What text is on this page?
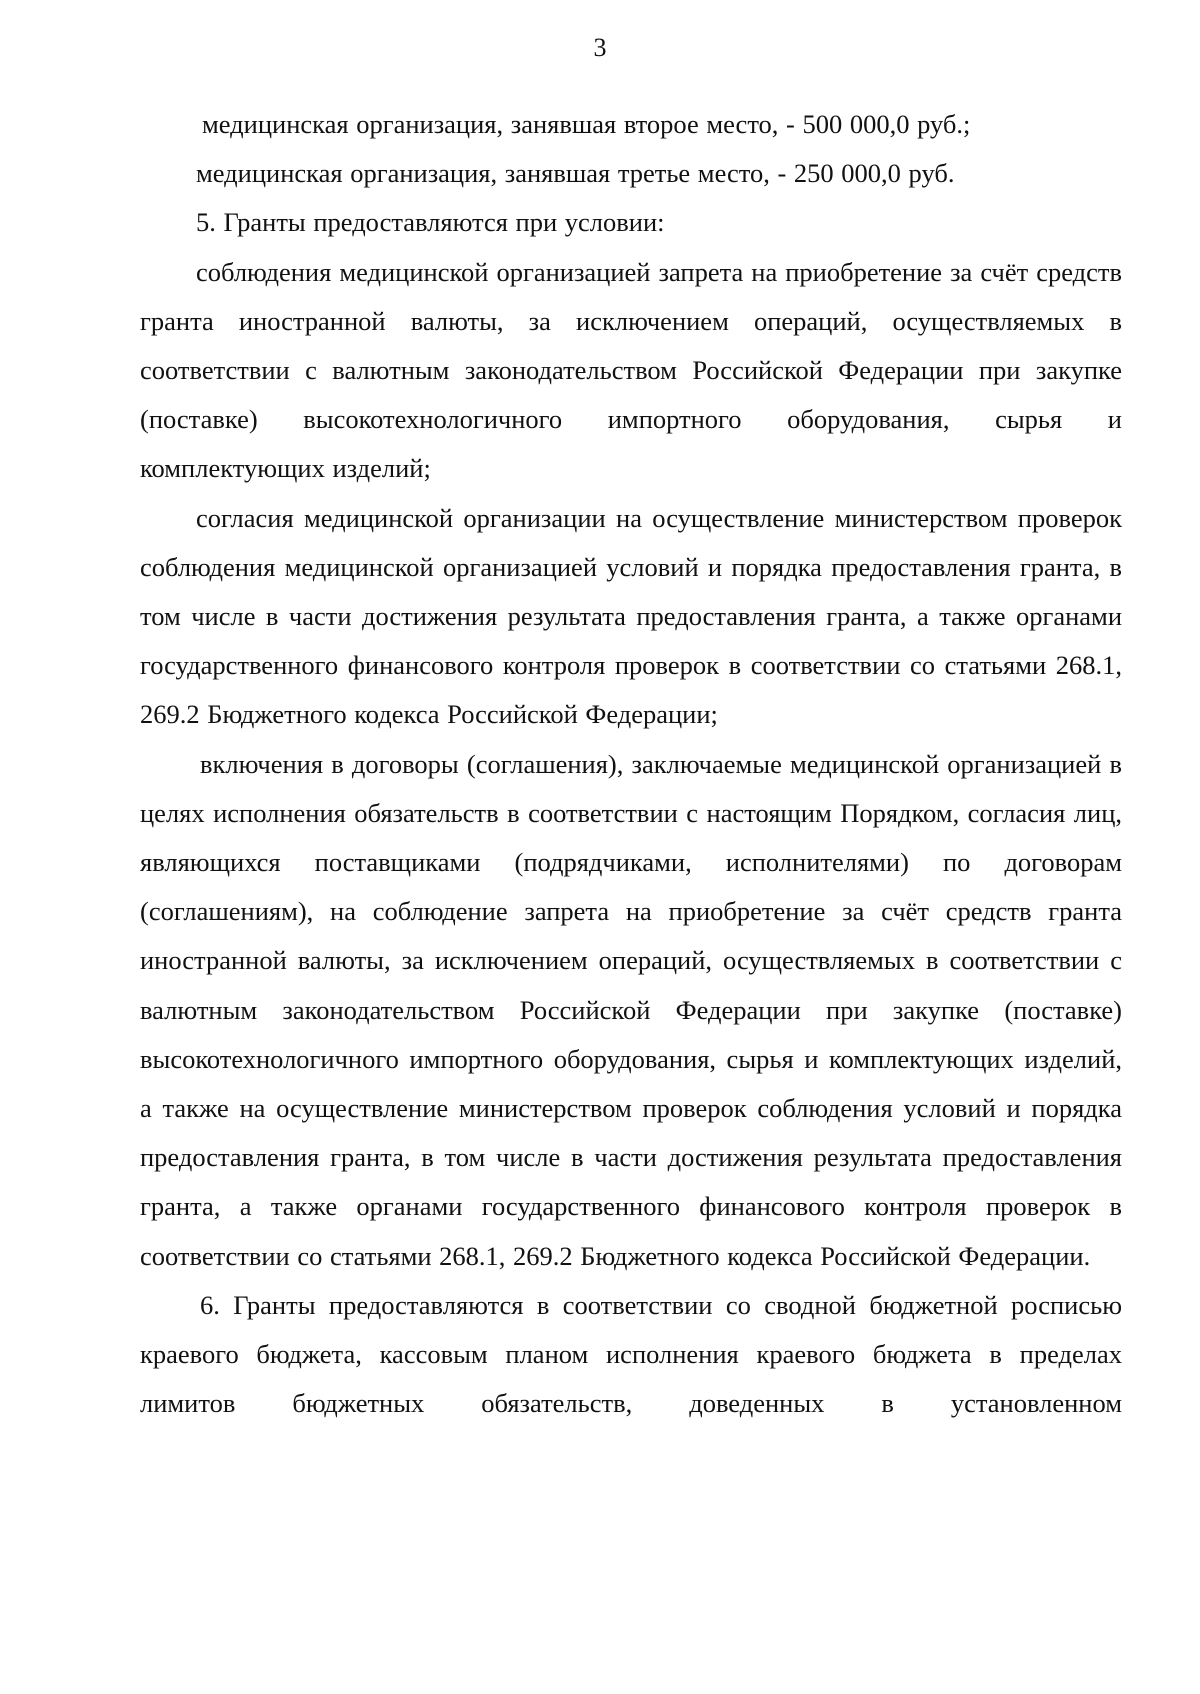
3

медицинская организация, занявшая второе место, - 500 000,0 руб.;

медицинская организация, занявшая третье место, - 250 000,0 руб.

5. Гранты предоставляются при условии:

соблюдения медицинской организацией запрета на приобретение за счёт средств гранта иностранной валюты, за исключением операций, осуществляемых в соответствии с валютным законодательством Российской Федерации при закупке (поставке) высокотехнологичного импортного оборудования, сырья и комплектующих изделий;

согласия медицинской организации на осуществление министерством проверок соблюдения медицинской организацией условий и порядка предоставления гранта, в том числе в части достижения результата предоставления гранта, а также органами государственного финансового контроля проверок в соответствии со статьями 268.1, 269.2 Бюджетного кодекса Российской Федерации;

включения в договоры (соглашения), заключаемые медицинской организацией в целях исполнения обязательств в соответствии с настоящим Порядком, согласия лиц, являющихся поставщиками (подрядчиками, исполнителями) по договорам (соглашениям), на соблюдение запрета на приобретение за счёт средств гранта иностранной валюты, за исключением операций, осуществляемых в соответствии с валютным законодательством Российской Федерации при закупке (поставке) высокотехнологичного импортного оборудования, сырья и комплектующих изделий, а также на осуществление министерством проверок соблюдения условий и порядка предоставления гранта, в том числе в части достижения результата предоставления гранта, а также органами государственного финансового контроля проверок в соответствии со статьями 268.1, 269.2 Бюджетного кодекса Российской Федерации.

6. Гранты предоставляются в соответствии со сводной бюджетной росписью краевого бюджета, кассовым планом исполнения краевого бюджета в пределах лимитов бюджетных обязательств, доведенных в установленном
